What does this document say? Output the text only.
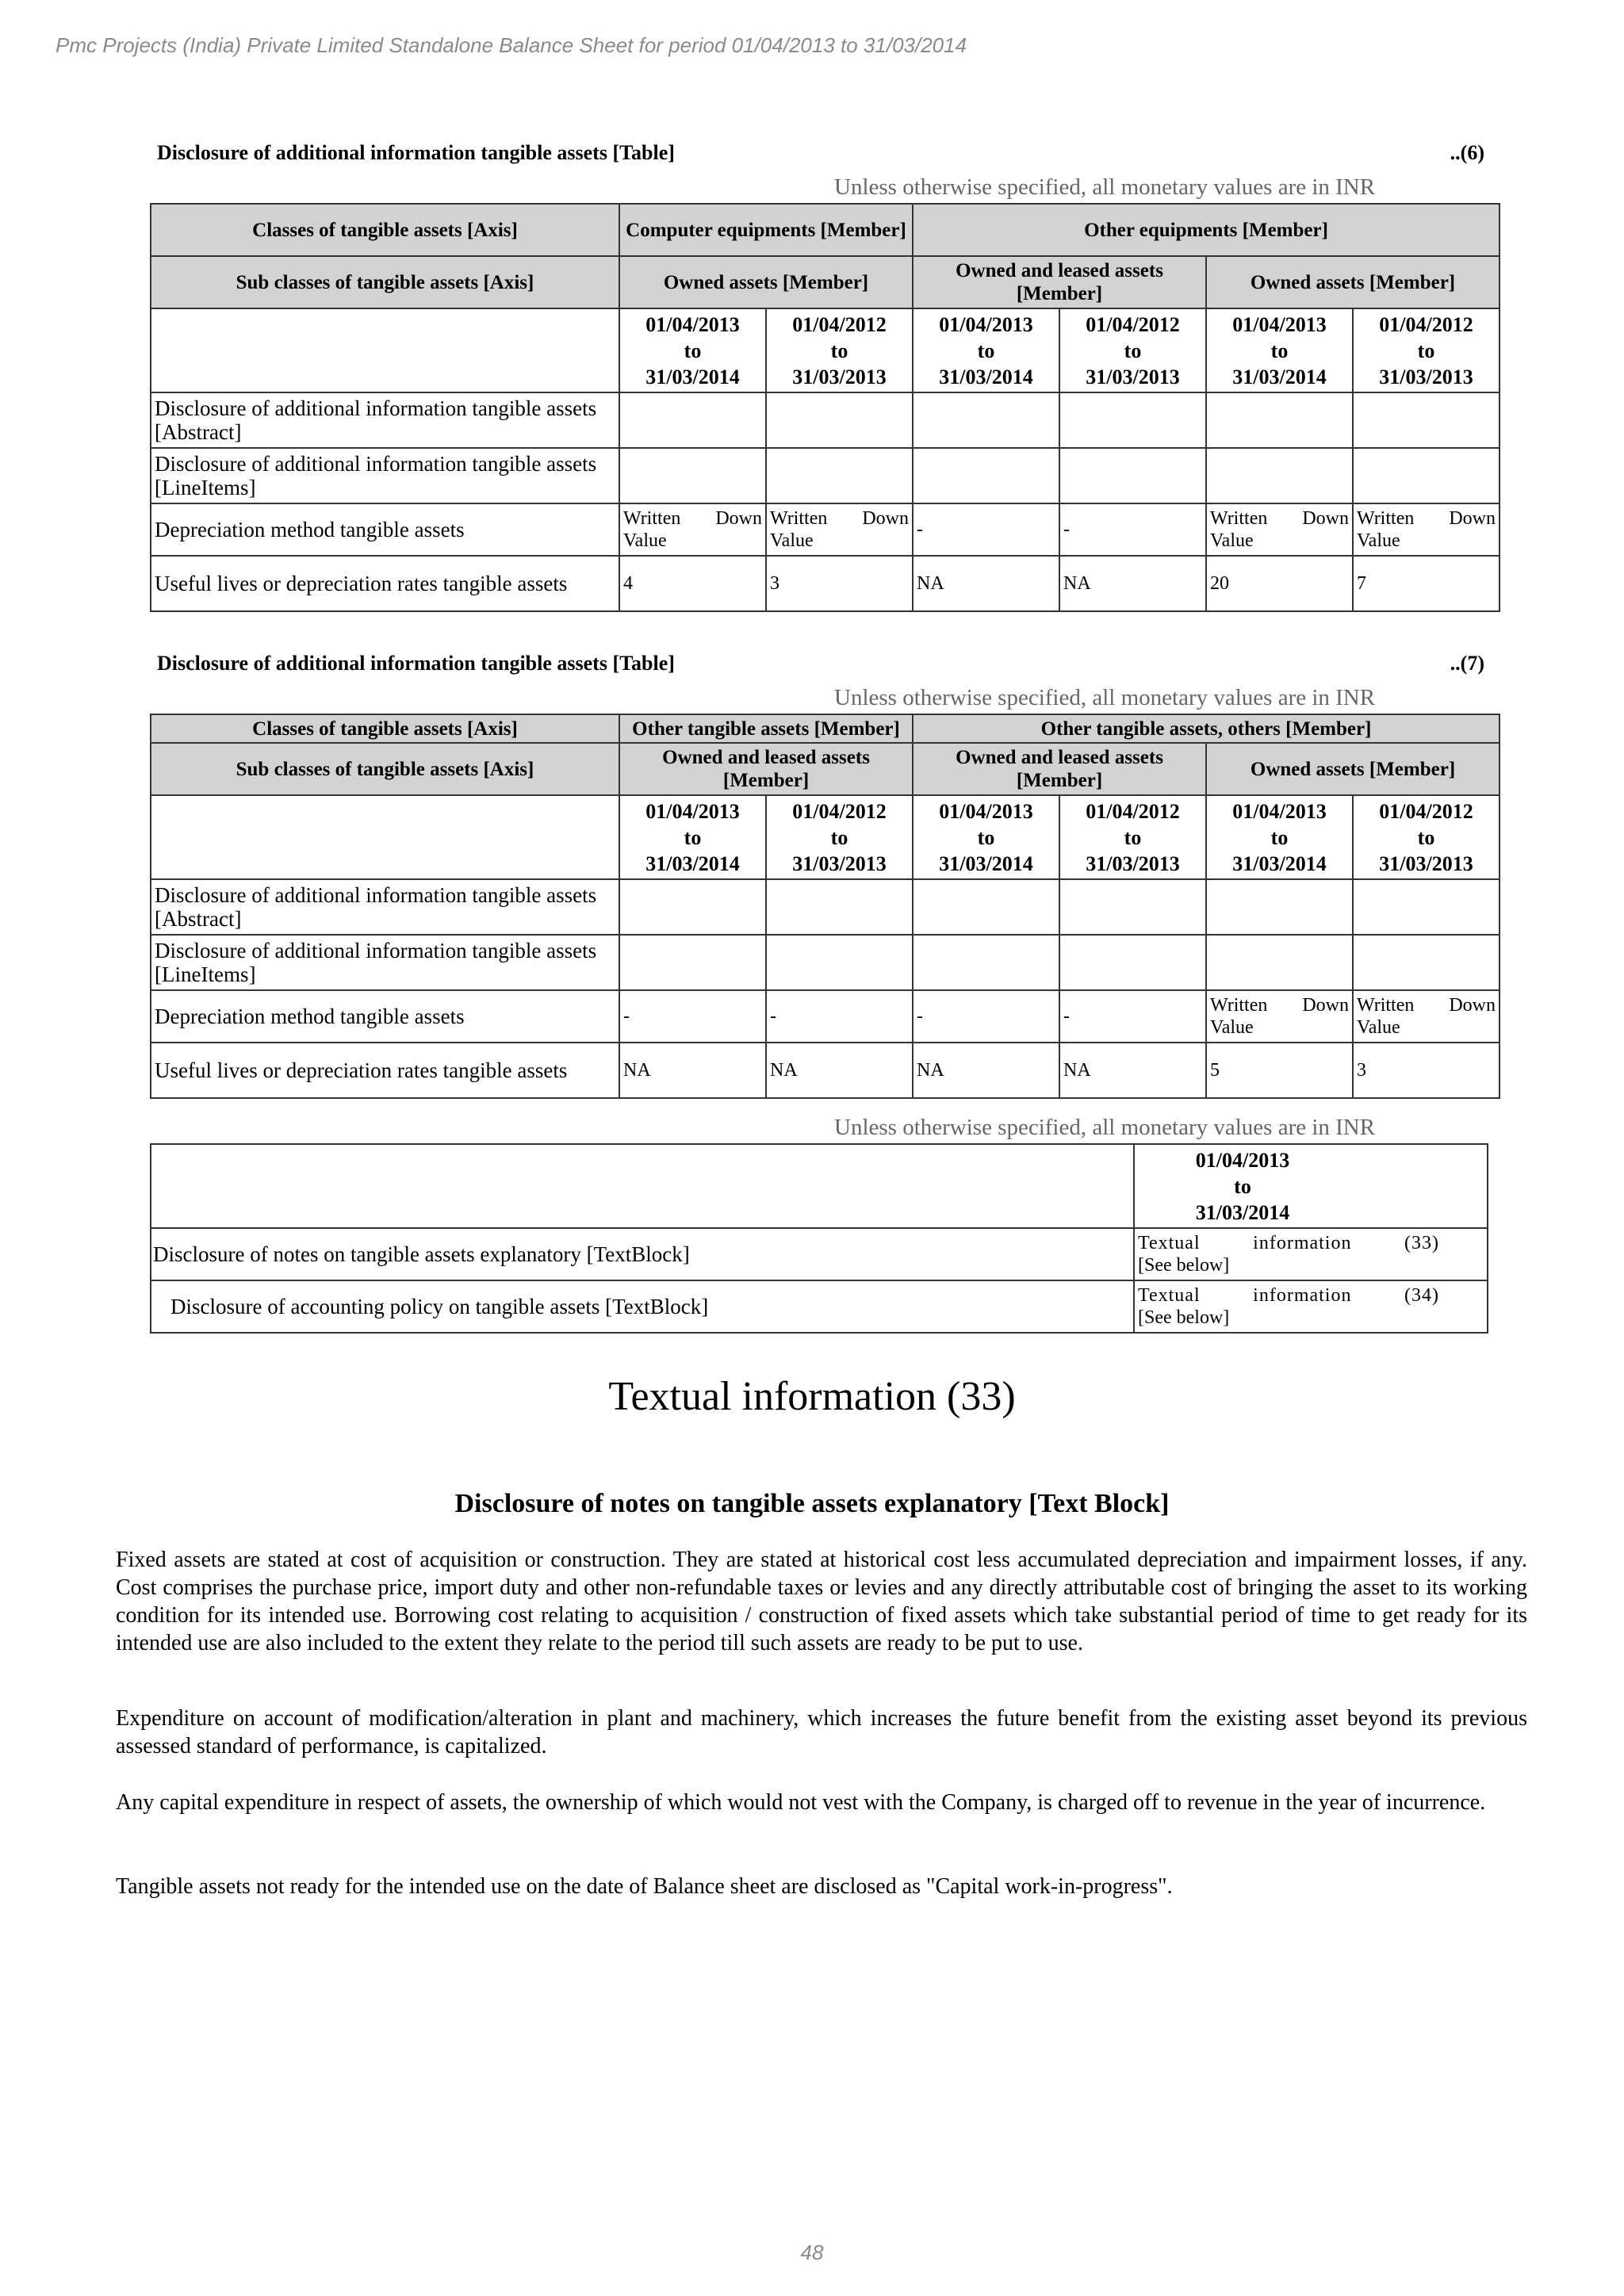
Pmc Projects (India) Private Limited Standalone Balance Sheet for period 01/04/2013 to 31/03/2014
Disclosure of additional information tangible assets [Table]	..(6)
Unless otherwise specified, all monetary values are in INR
Classes of tangible assets [Axis]	Computer equipments [Member]		Other equipments [Member]			
Sub classes of tangible assets [Axis]	Owned assets [Member]		Owned and leased assets [Member]		Owned assets [Member]	

	01/04/2013
to
31/03/2014	01/04/2012
to
31/03/2013	01/04/2013
to
31/03/2014	01/04/2012
to
31/03/2013	01/04/2013
to
31/03/2014	01/04/2012
to
31/03/2013

Disclosure of additional information tangible assets [Abstract]						
Disclosure of additional information tangible assets [LineItems]						
Depreciation method tangible assets	Written Down Value	Written Down Value	-	-	Written Down Value	Written Down Value
Useful lives or depreciation rates tangible assets	4	3	NA	NA	20	7
Disclosure of additional information tangible assets [Table]	..(7)
Unless otherwise specified, all monetary values are in INR
Classes of tangible assets [Axis]	Other tangible assets [Member]		Other tangible assets, others [Member]			
Sub classes of tangible assets [Axis]	Owned and leased assets [Member]		Owned and leased assets [Member]		Owned assets [Member]	

	01/04/2013
to
31/03/2014	01/04/2012
to
31/03/2013	01/04/2013
to
31/03/2014	01/04/2012
to
31/03/2013	01/04/2013
to
31/03/2014	01/04/2012
to
31/03/2013

Disclosure of additional information tangible assets [Abstract]						
Disclosure of additional information tangible assets [LineItems]						
Depreciation method tangible assets	-	-	-	-	Written Down Value	Written Down Value
Useful lives or depreciation rates tangible assets	NA	NA	NA	NA	5	3
Unless otherwise specified, all monetary values are in INR

	01/04/2013
to
31/03/2014

Disclosure of notes on tangible assets explanatory [TextBlock]	Textual information (33)
[See below]

Disclosure of accounting policy on tangible assets [TextBlock]	Textual information (34)
[See below]
Textual information (33)
Disclosure of notes on tangible assets explanatory [Text Block]
Fixed assets are stated at cost of acquisition or construction. They are stated at historical cost less accumulated depreciation and impairment losses, if any. Cost comprises the purchase price, import duty and other non-refundable taxes or levies and any directly attributable cost of bringing the asset to its working condition for its intended use. Borrowing cost relating to acquisition / construction of fixed assets which take substantial period of time to get ready for its intended use are also included to the extent they relate to the period till such assets are ready to be put to use.
Expenditure on account of modification/alteration in plant and machinery, which increases the future benefit from the existing asset beyond its previous assessed standard of performance, is capitalized.
Any capital expenditure in respect of assets, the ownership of which would not vest with the Company, is charged off to revenue in the year of incurrence.
Tangible assets not ready for the intended use on the date of Balance sheet are disclosed as "Capital work-in-progress".
48
